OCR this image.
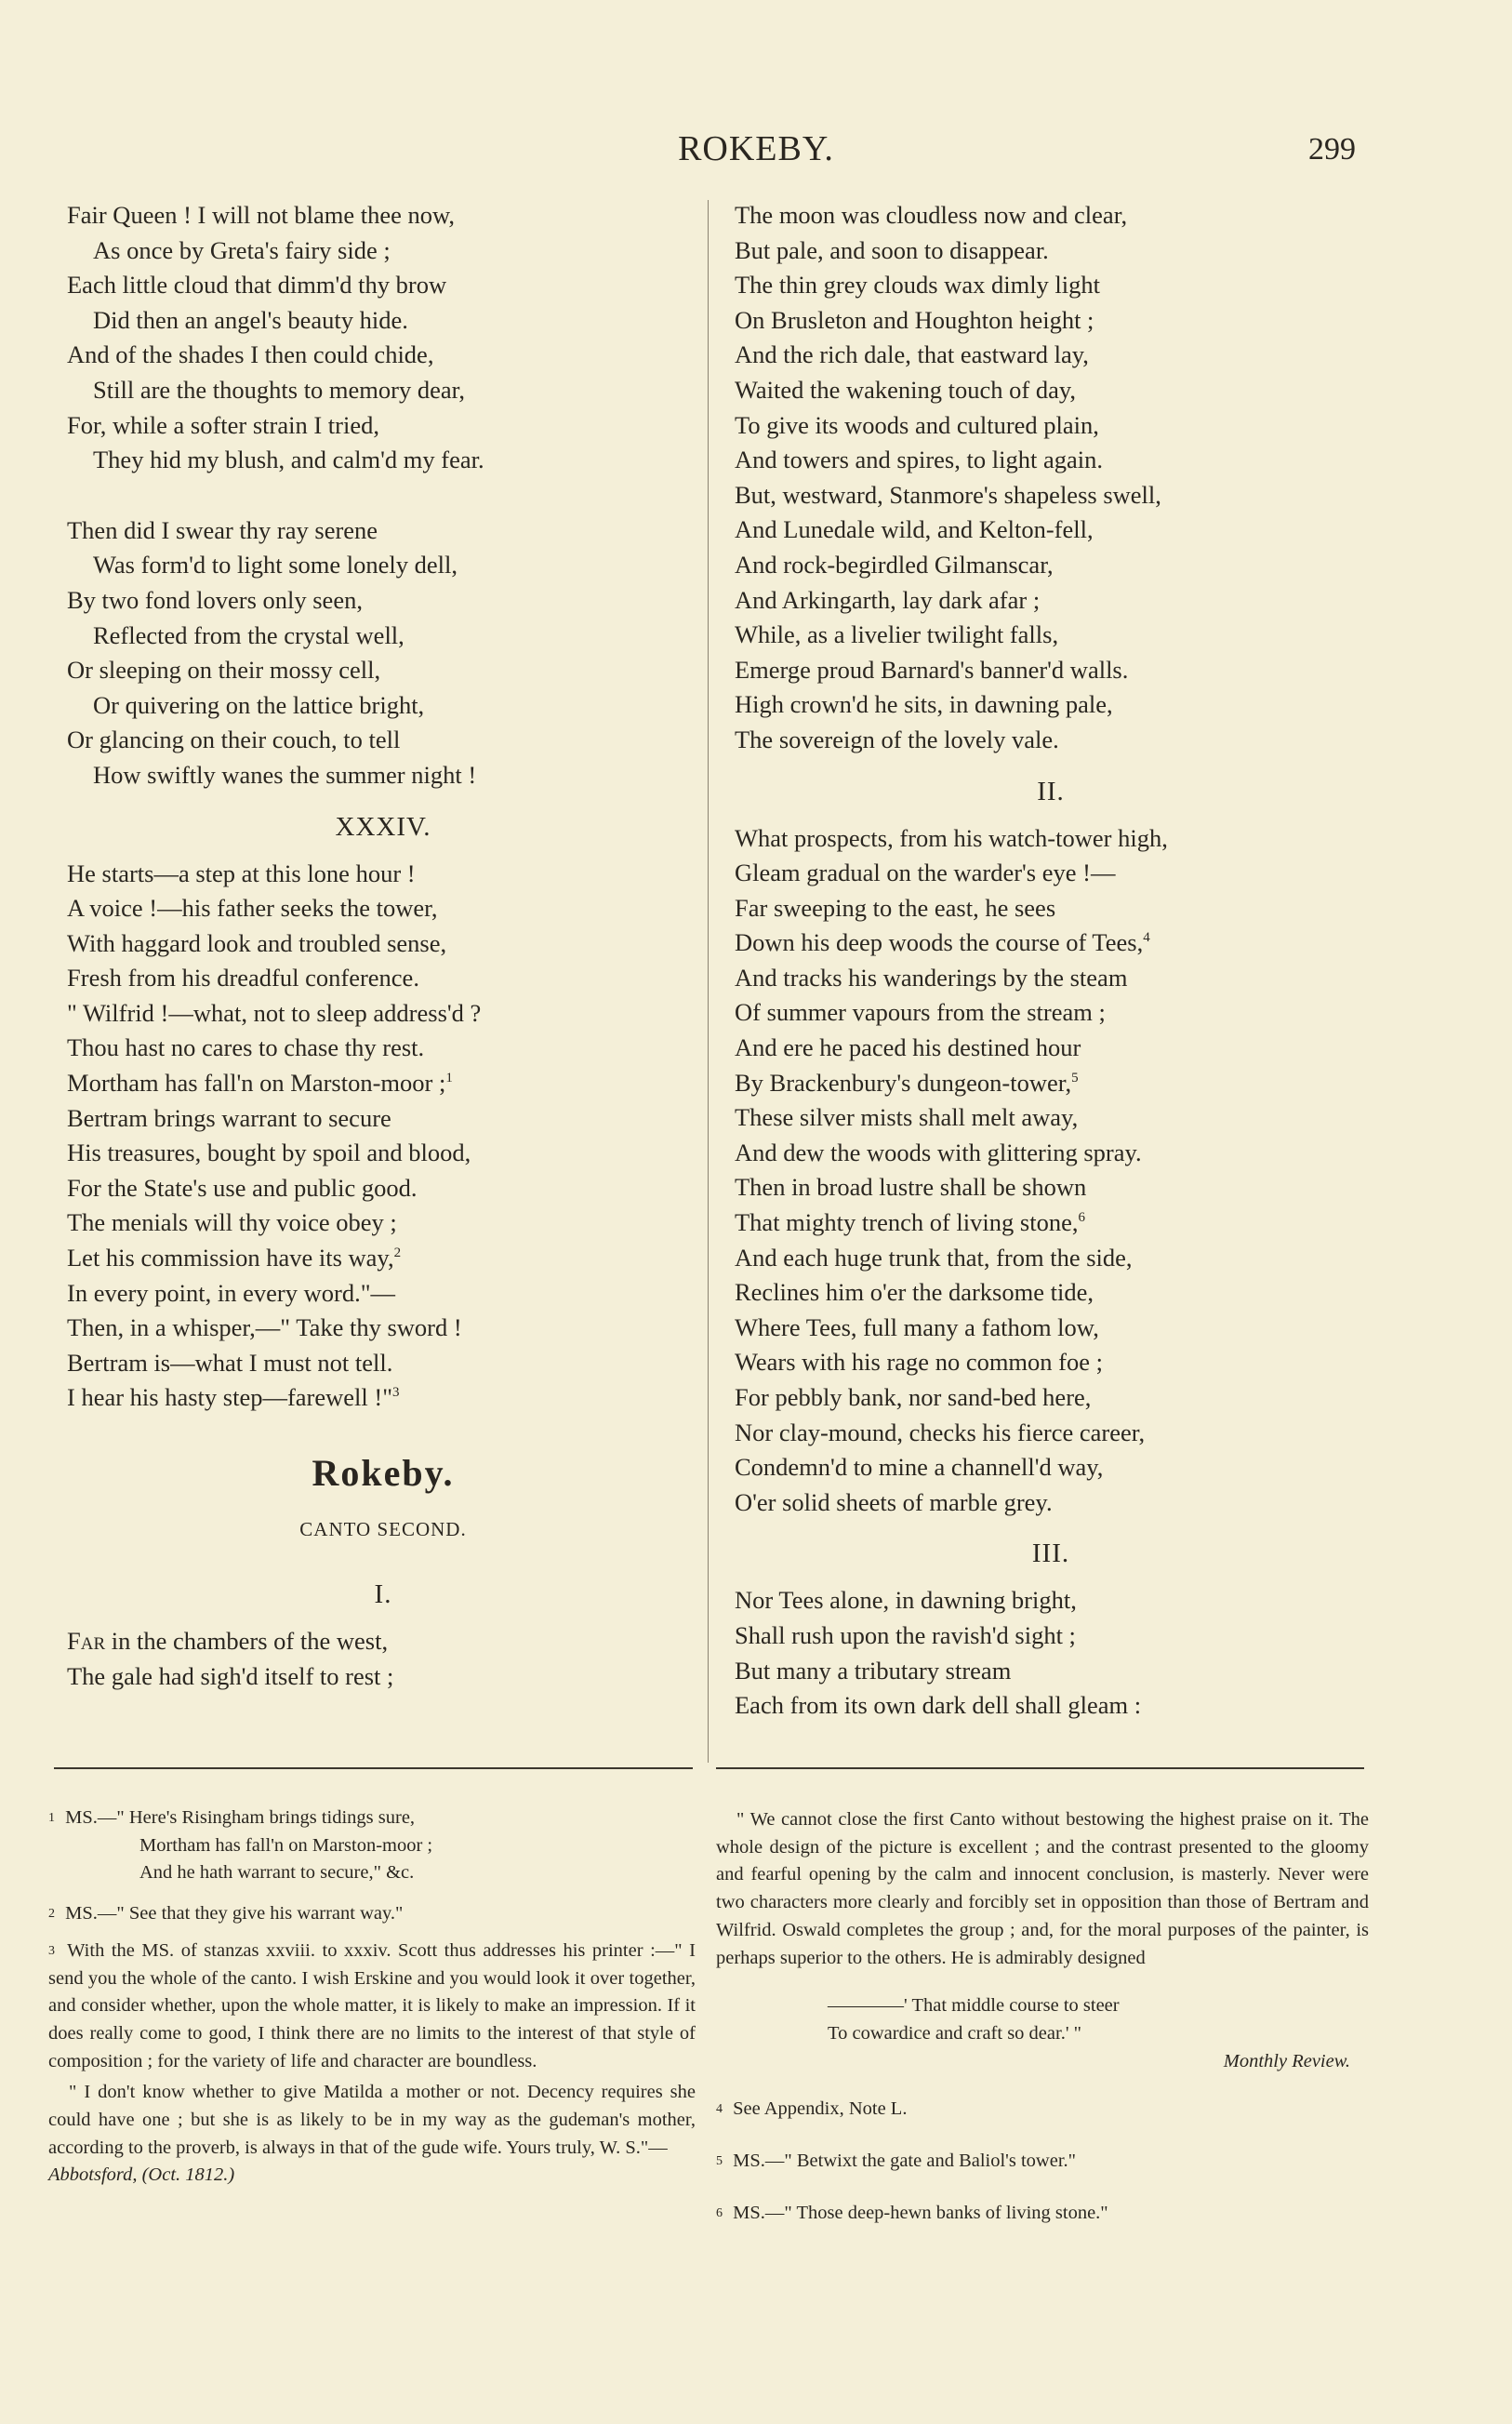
ROKEBY.	299
Fair Queen ! I will not blame thee now,
As once by Greta's fairy side ;
Each little cloud that dimm'd thy brow
Did then an angel's beauty hide.
And of the shades I then could chide,
Still are the thoughts to memory dear,
For, while a softer strain I tried,
They hid my blush, and calm'd my fear.
Then did I swear thy ray serene
Was form'd to light some lonely dell,
By two fond lovers only seen,
Reflected from the crystal well,
Or sleeping on their mossy cell,
Or quivering on the lattice bright,
Or glancing on their couch, to tell
How swiftly wanes the summer night !
XXXIV.
He starts—a step at this lone hour !
A voice !—his father seeks the tower,
With haggard look and troubled sense,
Fresh from his dreadful conference.
" Wilfrid !—what, not to sleep address'd ?
Thou hast no cares to chase thy rest.
Mortham has fall'n on Marston-moor ;$^1$
Bertram brings warrant to secure
His treasures, bought by spoil and blood,
For the State's use and public good.
The menials will thy voice obey ;
Let his commission have its way,$^2$
In every point, in every word."—
Then, in a whisper,—" Take thy sword !
Bertram is—what I must not tell.
I hear his hasty step—farewell !"$^3$
Rokeby.
CANTO SECOND.
I.
Far in the chambers of the west,
The gale had sigh'd itself to rest ;
The moon was cloudless now and clear,
But pale, and soon to disappear.
The thin grey clouds wax dimly light
On Brusleton and Houghton height ;
And the rich dale, that eastward lay,
Waited the wakening touch of day,
To give its woods and cultured plain,
And towers and spires, to light again.
But, westward, Stanmore's shapeless swell,
And Lunedale wild, and Kelton-fell,
And rock-begirdled Gilmanscar,
And Arkingarth, lay dark afar ;
While, as a livelier twilight falls,
Emerge proud Barnard's banner'd walls.
High crown'd he sits, in dawning pale,
The sovereign of the lovely vale.
II.
What prospects, from his watch-tower high,
Gleam gradual on the warder's eye !—
Far sweeping to the east, he sees
Down his deep woods the course of Tees,$^4$
And tracks his wanderings by the steam
Of summer vapours from the stream ;
And ere he paced his destined hour
By Brackenbury's dungeon-tower,$^5$
These silver mists shall melt away,
And dew the woods with glittering spray.
Then in broad lustre shall be shown
That mighty trench of living stone,$^6$
And each huge trunk that, from the side,
Reclines him o'er the darksome tide,
Where Tees, full many a fathom low,
Wears with his rage no common foe ;
For pebbly bank, nor sand-bed here,
Nor clay-mound, checks his fierce career,
Condemn'd to mine a channell'd way,
O'er solid sheets of marble grey.
III.
Nor Tees alone, in dawning bright,
Shall rush upon the ravish'd sight ;
But many a tributary stream
Each from its own dark dell shall gleam :
$^1$ MS.—" Here's Risingham brings tidings sure,
Mortham has fall'n on Marston-moor ;
And he hath warrant to secure," &c.
$^2$ MS.—" See that they give his warrant way."
$^3$ With the MS. of stanzas xxviii. to xxxiv. Scott thus addresses his printer :—" I send you the whole of the canto. I wish Erskine and you would look it over together, and consider whether, upon the whole matter, it is likely to make an impression. If it does really come to good, I think there are no limits to the interest of that style of composition ; for the variety of life and character are boundless.

" I don't know whether to give Matilda a mother or not. Decency requires she could have one ; but she is as likely to be in my way as the gudeman's mother, according to the proverb, is always in that of the gude wife. Yours truly, W. S."—

Abbotsford, (Oct. 1812.)

" We cannot close the first Canto without bestowing the highest praise on it. The whole design of the picture is excellent ; and the contrast presented to the gloomy and fearful opening by the calm and innocent conclusion, is masterly. Never were two characters more clearly and forcibly set in opposition than those of Bertram and Wilfrid. Oswald completes the group ; and, for the moral purposes of the painter, is perhaps superior to the others. He is admirably designed

————' That middle course to steer
To cowardice and craft so dear.' "
Monthly Review.
$^4$ See Appendix, Note L.
$^5$ MS.—" Betwixt the gate and Baliol's tower."
$^6$ MS.—" Those deep-hewn banks of living stone."
